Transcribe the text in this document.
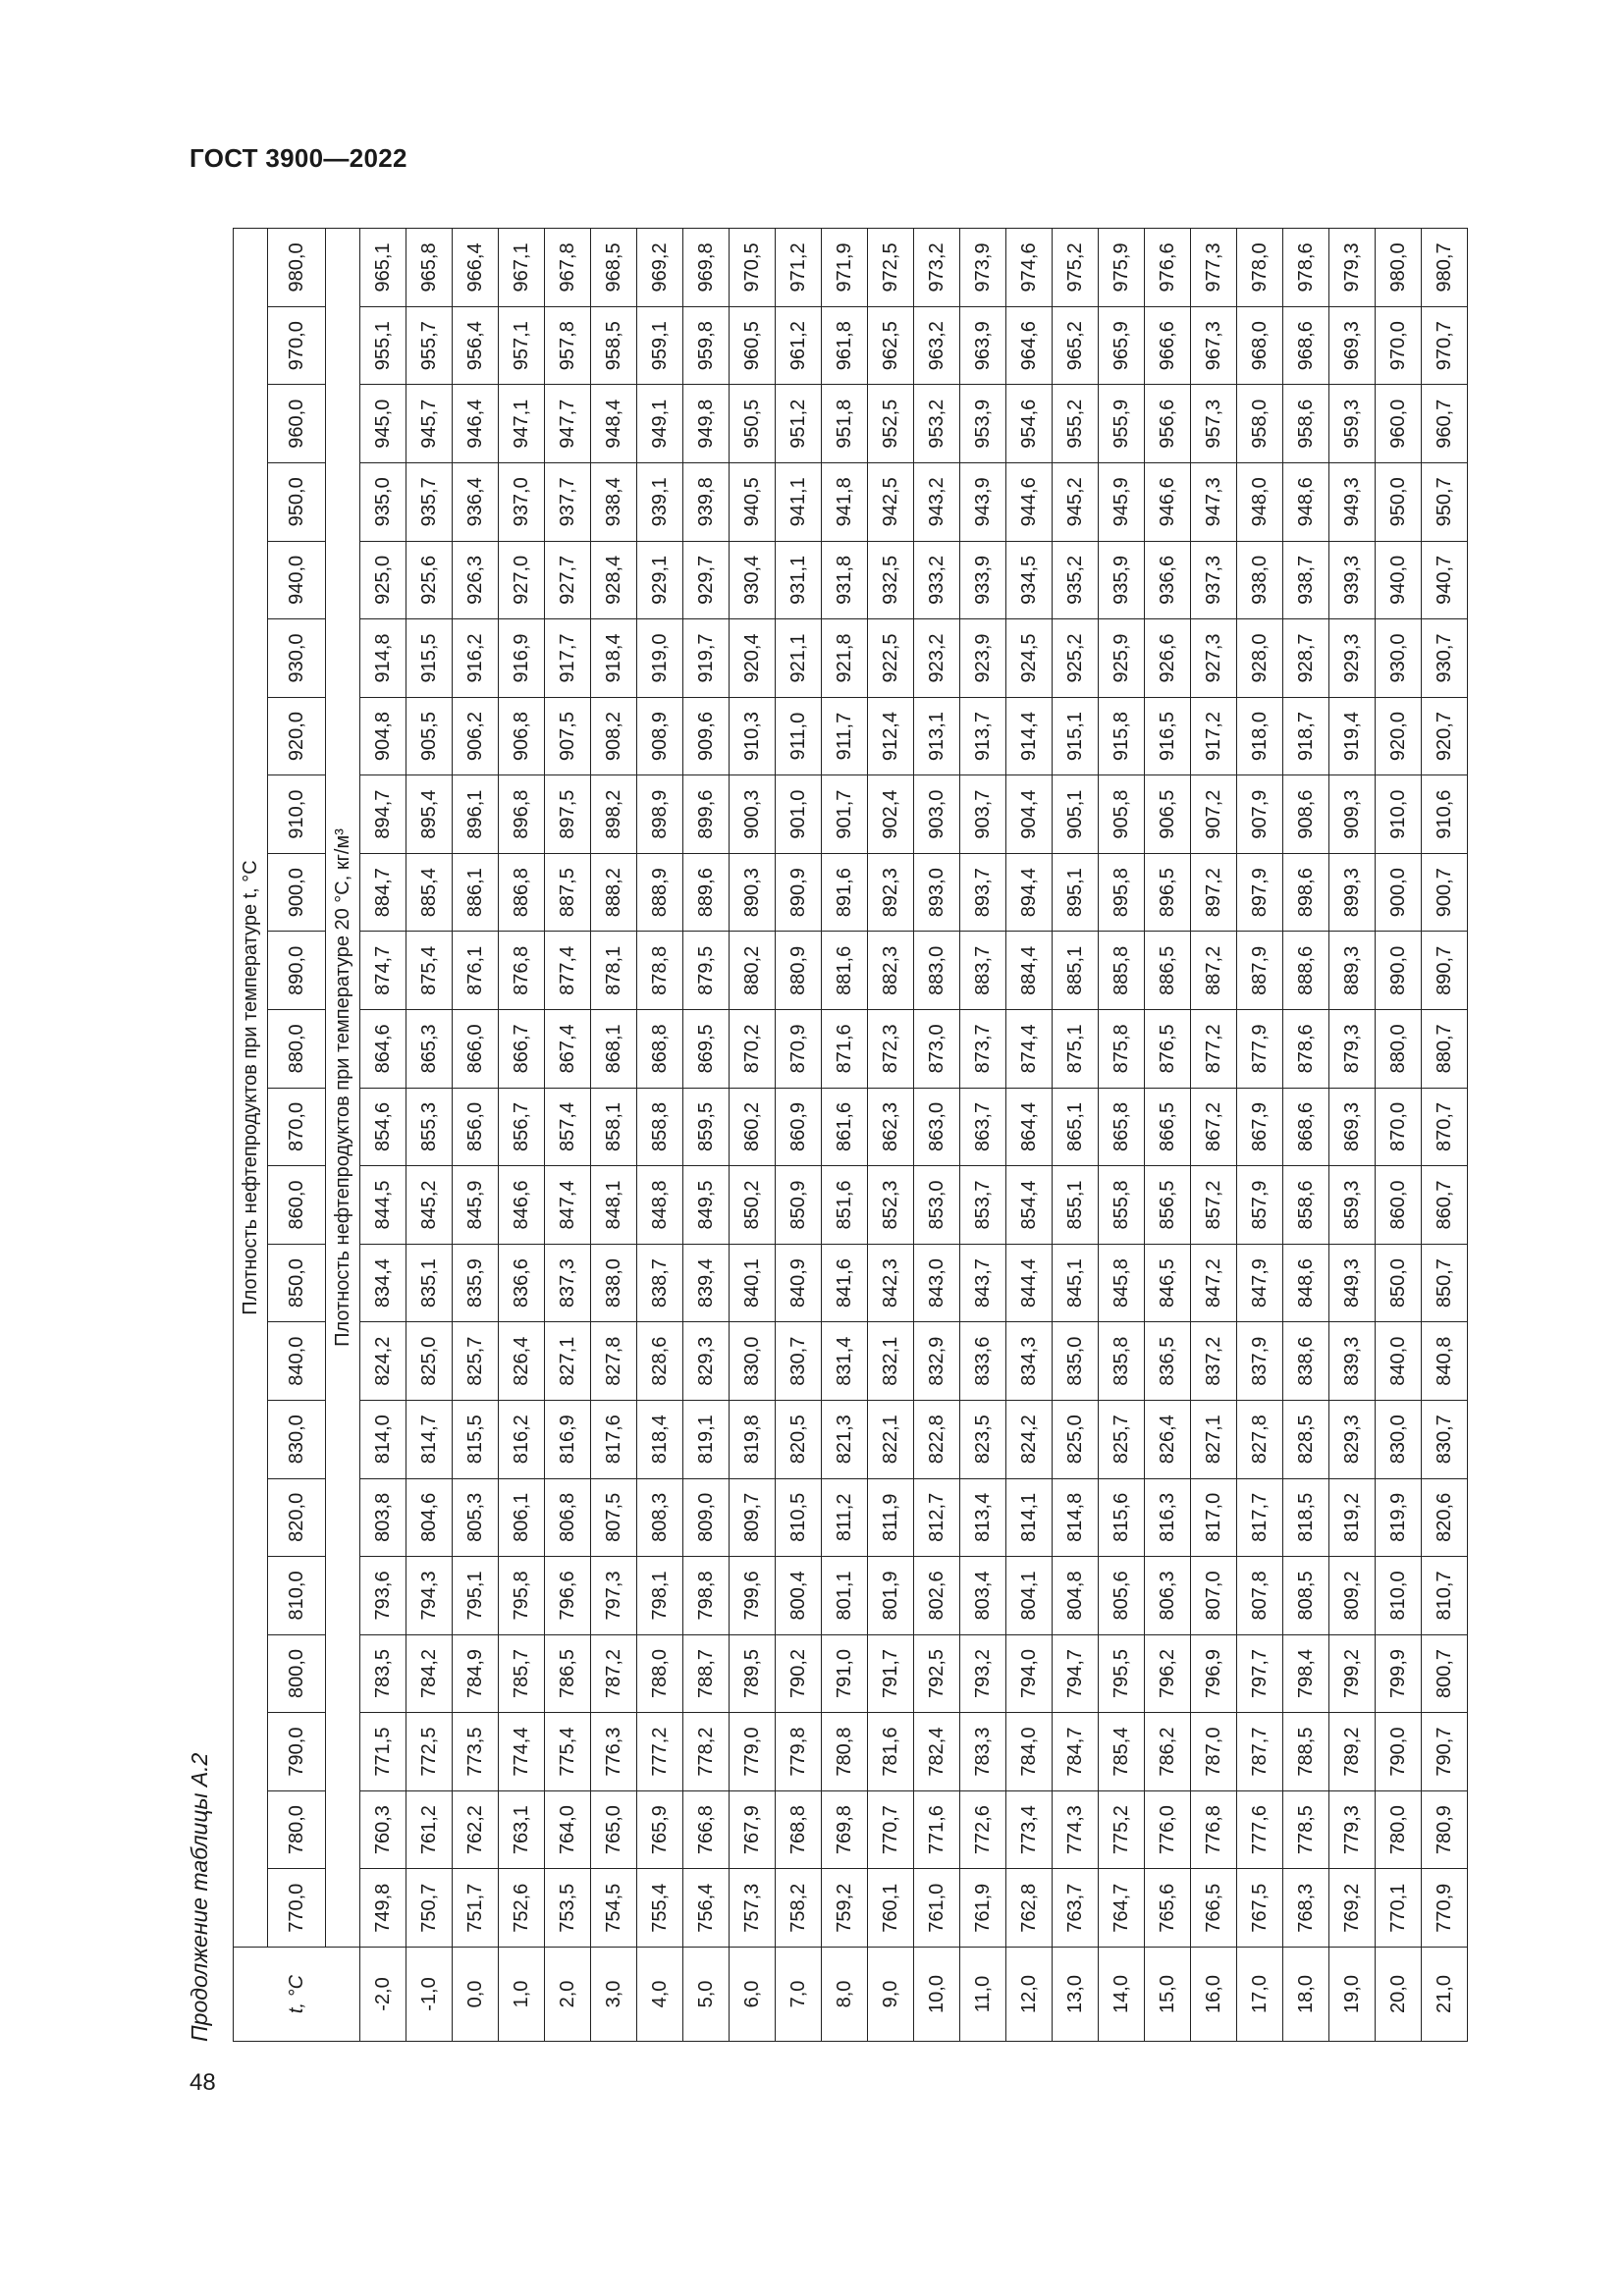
ГОСТ 3900—2022
Продолжение таблицы А.2	t, °C	Плотность нефтепродуктов при температуре t, °C																					
	770,0	780,0	790,0	800,0	810,0	820,0	830,0	840,0	850,0	860,0	870,0	880,0	890,0	900,0	910,0	920,0	930,0	940,0	950,0	960,0	970,0	980,0
	Плотность нефтепродуктов при температуре 20 °C, кг/м³																					
-2,0	749,8	760,3	771,5	783,5	793,6	803,8	814,0	824,2	834,4	844,5	854,6	864,6	874,7	884,7	894,7	904,8	914,8	925,0	935,0	945,0	955,1	965,1
-1,0	750,7	761,2	772,5	784,2	794,3	804,6	814,7	825,0	835,1	845,2	855,3	865,3	875,4	885,4	895,4	905,5	915,5	925,6	935,7	945,7	955,7	965,8
0,0	751,7	762,2	773,5	784,9	795,1	805,3	815,5	825,7	835,9	845,9	856,0	866,0	876,1	886,1	896,1	906,2	916,2	926,3	936,4	946,4	956,4	966,4
1,0	752,6	763,1	774,4	785,7	795,8	806,1	816,2	826,4	836,6	846,6	856,7	866,7	876,8	886,8	896,8	906,8	916,9	927,0	937,0	947,1	957,1	967,1
2,0	753,5	764,0	775,4	786,5	796,6	806,8	816,9	827,1	837,3	847,4	857,4	867,4	877,4	887,5	897,5	907,5	917,7	927,7	937,7	947,7	957,8	967,8
3,0	754,5	765,0	776,3	787,2	797,3	807,5	817,6	827,8	838,0	848,1	858,1	868,1	878,1	888,2	898,2	908,2	918,4	928,4	938,4	948,4	958,5	968,5
4,0	755,4	765,9	777,2	788,0	798,1	808,3	818,4	828,6	838,7	848,8	858,8	868,8	878,8	888,9	898,9	908,9	919,0	929,1	939,1	949,1	959,1	969,2
5,0	756,4	766,8	778,2	788,7	798,8	809,0	819,1	829,3	839,4	849,5	859,5	869,5	879,5	889,6	899,6	909,6	919,7	929,7	939,8	949,8	959,8	969,8
6,0	757,3	767,9	779,0	789,5	799,6	809,7	819,8	830,0	840,1	850,2	860,2	870,2	880,2	890,3	900,3	910,3	920,4	930,4	940,5	950,5	960,5	970,5
7,0	758,2	768,8	779,8	790,2	800,4	810,5	820,5	830,7	840,9	850,9	860,9	870,9	880,9	890,9	901,0	911,0	921,1	931,1	941,1	951,2	961,2	971,2
8,0	759,2	769,8	780,8	791,0	801,1	811,2	821,3	831,4	841,6	851,6	861,6	871,6	881,6	891,6	901,7	911,7	921,8	931,8	941,8	951,8	961,8	971,9
9,0	760,1	770,7	781,6	791,7	801,9	811,9	822,1	832,1	842,3	852,3	862,3	872,3	882,3	892,3	902,4	912,4	922,5	932,5	942,5	952,5	962,5	972,5
10,0	761,0	771,6	782,4	792,5	802,6	812,7	822,8	832,9	843,0	853,0	863,0	873,0	883,0	893,0	903,0	913,1	923,2	933,2	943,2	953,2	963,2	973,2
11,0	761,9	772,6	783,3	793,2	803,4	813,4	823,5	833,6	843,7	853,7	863,7	873,7	883,7	893,7	903,7	913,7	923,9	933,9	943,9	953,9	963,9	973,9
12,0	762,8	773,4	784,0	794,0	804,1	814,1	824,2	834,3	844,4	854,4	864,4	874,4	884,4	894,4	904,4	914,4	924,5	934,5	944,6	954,6	964,6	974,6
13,0	763,7	774,3	784,7	794,7	804,8	814,8	825,0	835,0	845,1	855,1	865,1	875,1	885,1	895,1	905,1	915,1	925,2	935,2	945,2	955,2	965,2	975,2
14,0	764,7	775,2	785,4	795,5	805,6	815,6	825,7	835,8	845,8	855,8	865,8	875,8	885,8	895,8	905,8	915,8	925,9	935,9	945,9	955,9	965,9	975,9
15,0	765,6	776,0	786,2	796,2	806,3	816,3	826,4	836,5	846,5	856,5	866,5	876,5	886,5	896,5	906,5	916,5	926,6	936,6	946,6	956,6	966,6	976,6
16,0	766,5	776,8	787,0	796,9	807,0	817,0	827,1	837,2	847,2	857,2	867,2	877,2	887,2	897,2	907,2	917,2	927,3	937,3	947,3	957,3	967,3	977,3
17,0	767,5	777,6	787,7	797,7	807,8	817,7	827,8	837,9	847,9	857,9	867,9	877,9	887,9	897,9	907,9	918,0	928,0	938,0	948,0	958,0	968,0	978,0
18,0	768,3	778,5	788,5	798,4	808,5	818,5	828,5	838,6	848,6	858,6	868,6	878,6	888,6	898,6	908,6	918,7	928,7	938,7	948,6	958,6	968,6	978,6
19,0	769,2	779,3	789,2	799,2	809,2	819,2	829,3	839,3	849,3	859,3	869,3	879,3	889,3	899,3	909,3	919,4	929,3	939,3	949,3	959,3	969,3	979,3
20,0	770,1	780,0	790,0	799,9	810,0	819,9	830,0	840,0	850,0	860,0	870,0	880,0	890,0	900,0	910,0	920,0	930,0	940,0	950,0	960,0	970,0	980,0
21,0	770,9	780,9	790,7	800,7	810,7	820,6	830,7	840,8	850,7	860,7	870,7	880,7	890,7	900,7	910,6	920,7	930,7	940,7	950,7	960,7	970,7	980,7
48
